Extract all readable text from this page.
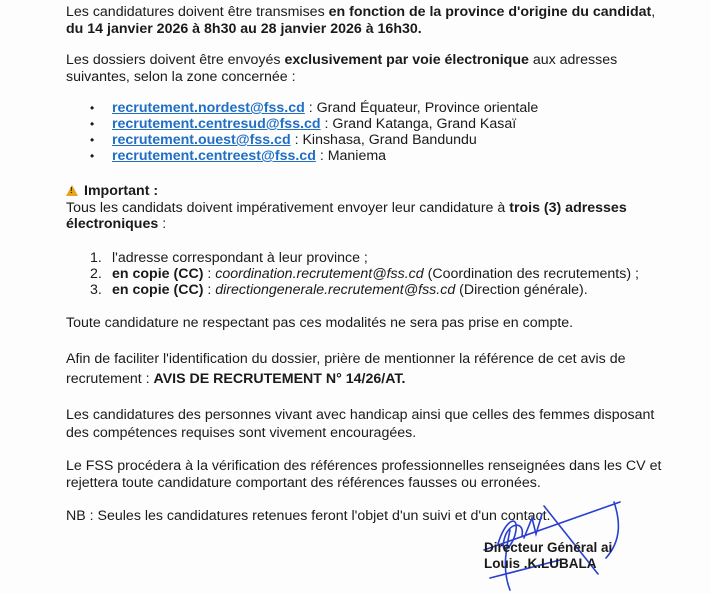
Les candidatures doivent être transmises en fonction de la province d'origine du candidat,
du 14 janvier 2026 à 8h30 au 28 janvier 2026 à 16h30.

Les dossiers doivent être envoyés exclusivement par voie électronique aux adresses
suivantes, selon la zone concernée :

• recrutement.nordest@fss.cd : Grand Équateur, Province orientale
• recrutement.centresud@fss.cd : Grand Katanga, Grand Kasaï
• recrutement.ouest@fss.cd : Kinshasa, Grand Bandundu
• recrutement.centreest@fss.cd : Maniema

!Important :
Tous les candidats doivent impérativement envoyer leur candidature à trois (3) adresses
électroniques :

1. l'adresse correspondant à leur province ;
2. en copie (CC) : coordination.recrutement@fss.cd (Coordination des recrutements) ;
3. en copie (CC) : directiongenerale.recrutement@fss.cd (Direction générale).

Toute candidature ne respectant pas ces modalités ne sera pas prise en compte.

Afin de faciliter l'identification du dossier, prière de mentionner la référence de cet avis de
recrutement : AVIS DE RECRUTEMENT N° 14/26/AT.

Les candidatures des personnes vivant avec handicap ainsi que celles des femmes disposant
des compétences requises sont vivement encouragées.

Le FSS procédera à la vérification des références professionnelles renseignées dans les CV et
rejettera toute candidature comportant des références fausses ou erronées.

NB : Seules les candidatures retenues feront l'objet d'un suivi et d'un contact.

Directeur Général ai
Louis .K.LUBALA
